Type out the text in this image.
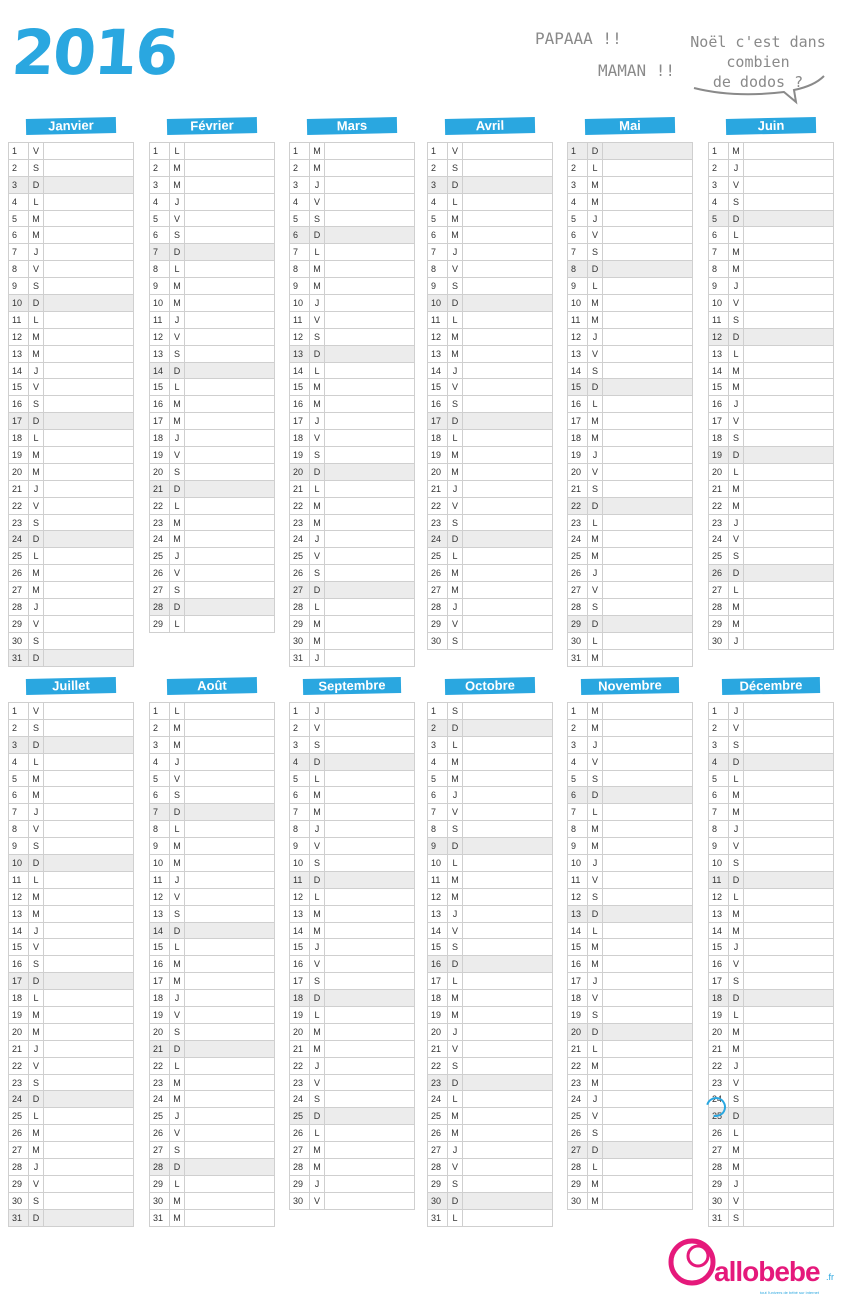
2016	PAPAAA !!
MAMAN !!
Noël c'est dans combien
de dodos ?
Janvier
1	V
2	S
3	D
4	L
5	M
6	M
7	J
8	V
9	S
10	D
11	L
12	M
13	M
14	J
15	V
16	S
17	D
18	L
19	M
20	M
21	J
22	V
23	S
24	D
25	L
26	M
27	M
28	J
29	V
30	S
31	D
Février
1	L
2	M
3	M
4	J
5	V
6	S
7	D
8	L
9	M
10	M
11	J
12	V
13	S
14	D
15	L
16	M
17	M
18	J
19	V
20	S
21	D
22	L
23	M
24	M
25	J
26	V
27	S
28	D
29	L
Mars
1	M
2	M
3	J
4	V
5	S
6	D
7	L
8	M
9	M
10	J
11	V
12	S
13	D
14	L
15	M
16	M
17	J
18	V
19	S
20	D
21	L
22	M
23	M
24	J
25	V
26	S
27	D
28	L
29	M
30	M
31	J
Avril
1	V
2	S
3	D
4	L
5	M
6	M
7	J
8	V
9	S
10	D
11	L
12	M
13	M
14	J
15	V
16	S
17	D
18	L
19	M
20	M
21	J
22	V
23	S
24	D
25	L
26	M
27	M
28	J
29	V
30	S
Mai
1	D
2	L
3	M
4	M
5	J
6	V
7	S
8	D
9	L
10	M
11	M
12	J
13	V
14	S
15	D
16	L
17	M
18	M
19	J
20	V
21	S
22	D
23	L
24	M
25	M
26	J
27	V
28	S
29	D
30	L
31	M
Juin
1	M
2	J
3	V
4	S
5	D
6	L
7	M
8	M
9	J
10	V
11	S
12	D
13	L
14	M
15	M
16	J
17	V
18	S
19	D
20	L
21	M
22	M
23	J
24	V
25	S
26	D
27	L
28	M
29	M
30	J
Juillet
1	V
2	S
3	D
4	L
5	M
6	M
7	J
8	V
9	S
10	D
11	L
12	M
13	M
14	J
15	V
16	S
17	D
18	L
19	M
20	M
21	J
22	V
23	S
24	D
25	L
26	M
27	M
28	J
29	V
30	S
31	D
Août
1	L
2	M
3	M
4	J
5	V
6	S
7	D
8	L
9	M
10	M
11	J
12	V
13	S
14	D
15	L
16	M
17	M
18	J
19	V
20	S
21	D
22	L
23	M
24	M
25	J
26	V
27	S
28	D
29	L
30	M
31	M
Septembre
1	J
2	V
3	S
4	D
5	L
6	M
7	M
8	J
9	V
10	S
11	D
12	L
13	M
14	M
15	J
16	V
17	S
18	D
19	L
20	M
21	M
22	J
23	V
24	S
25	D
26	L
27	M
28	M
29	J
30	V
Octobre
1	S
2	D
3	L
4	M
5	M
6	J
7	V
8	S
9	D
10	L
11	M
12	M
13	J
14	V
15	S
16	D
17	L
18	M
19	M
20	J
21	V
22	S
23	D
24	L
25	M
26	M
27	J
28	V
29	S
30	D
31	L
Novembre
1	M
2	M
3	J
4	V
5	S
6	D
7	L
8	M
9	M
10	J
11	V
12	S
13	D
14	L
15	M
16	M
17	J
18	V
19	S
20	D
21	L
22	M
23	M
24	J
25	V
26	S
27	D
28	L
29	M
30	M
Décembre
1	J
2	V
3	S
4	D
5	L
6	M
7	M
8	J
9	V
10	S
11	D
12	L
13	M
14	M
15	J
16	V
17	S
18	D
19	L
20	M
21	M
22	J
23	V
24	S
25	D
26	L
27	M
28	M
29	J
30	V
31	S
allobebe .fr
tout l'univers de bébé sur internet
